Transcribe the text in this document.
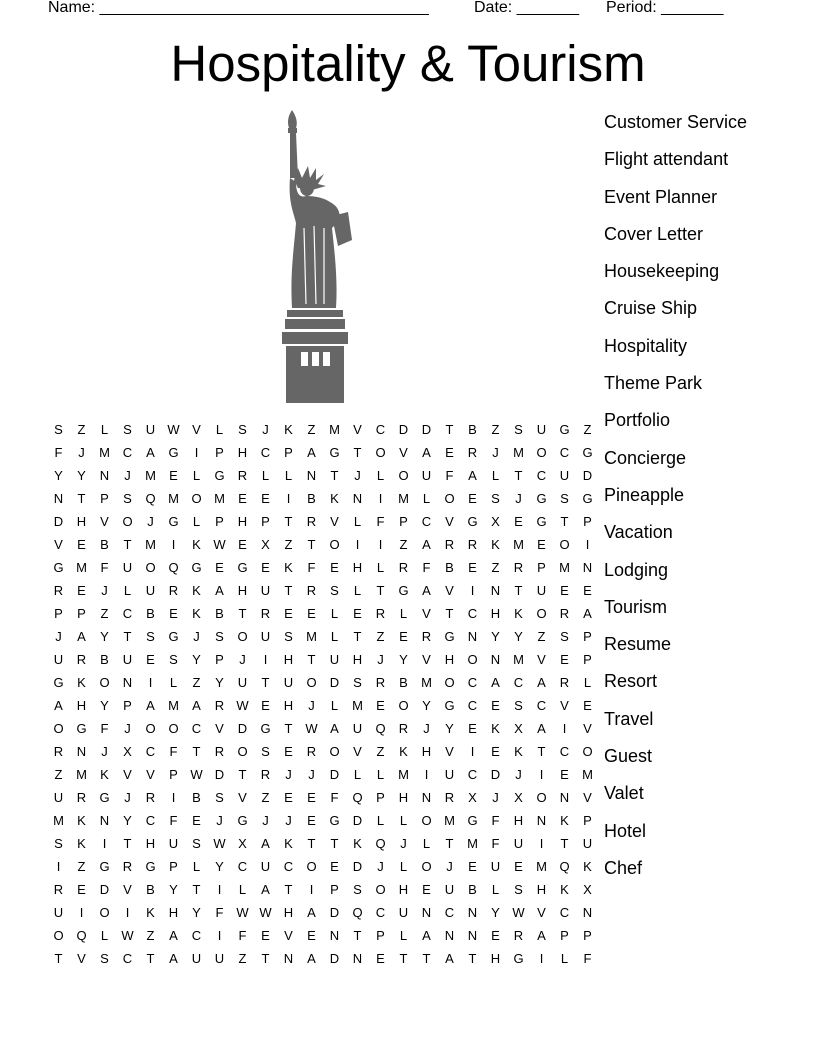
Name: _____________________________________	Date: _______ Period: _______
Hospitality & Tourism
Customer Service
Flight attendant
Event Planner
Cover Letter
Housekeeping
Cruise Ship
Hospitality
Theme Park
Portfolio
Concierge
Pineapple
Vacation
Lodging
Tourism
Resume
Resort
Travel
Guest
Valet
Hotel
Chef
S	Z	L	S	U W V	L	S	J	K	Z	M	V	C	D	D	T	B	Z	S	U	G	Z
F	J	M C	A	G	I	P	H	C	P	A	G	T	O	V	A	E	R	J	M O	C	G
Y	Y	N	J	M	E	L	G	R	L	L	N	T	J	L	O	U	F	A	L	T	C	U	D
N	T	P	S	Q M O M	E	E	I	B	K	N	I	M	L	O	E	S	J	G	S	G
D	H	V	O	J	G	L	P	H	P	T	R	V	L	F	P	C	V	G	X	E	G	T	P
V	E	B	T	M	I	K W E	X	Z	T	O	I	I	Z	A	R	R	K	M	E	O	I
G M	F	U	O Q G	E	G	E	K	F	E	H	L	R	F	B	E	Z	R	P	M N
R	E	J	L	U	R	K	A	H	U	T	R	S	L	T	G	A	V	I	N	T	U	E	E
P	P	Z	C	B	E	K	B	T	R	E	E	L	E	R	L	V	T	C	H	K	O	R	A
J	A	Y	T	S	G	J	S	O	U	S	M	L	T	Z	E	R	G	N	Y	Y	Z	S	P
U	R	B	U	E	S	Y	P	J	I	H	T	U	H	J	Y	V	H	O	N M	V	E	P
G	K	O	N	I	L	Z	Y	U	T	U	O	D	S	R	B	M O	C	A	C	A	R	L
A	H	Y	P	A	M	A	R W E	H	J	L	M	E	O	Y	G	C	E	S	C	V	E
O G	F	J	O O	C	V	D	G	T W A	U	Q	R	J	Y	E	K	X	A	I	V
R	N	J	X	C	F	T	R	O	S	E	R	O	V	Z	K	H	V	I	E	K	T	C	O
Z	M	K	V	V	P W D	T	R	J	J	D	L	L	M	I	U	C	D	J	I	E	M
U	R	G	J	R	I	B	S	V	Z	E	E	F	Q	P	H	N	R	X	J	X	O	N	V
M	K	N	Y	C	F	E	J	G	J	J	E	G	D	L	L	O M G	F	H	N	K	P
S	K	I	T	H	U	S W X	A	K	T	T	K	Q	J	L	T	M	F	U	I	T	U
I	Z	G	R	G	P	L	Y	C	U	C	O	E	D	J	L	O	J	E	U	E	M Q	K
R	E	D	V	B	Y	T	I	L	A	T	I	P	S	O	H	E	U	B	L	S	H	K	X
U	I	O	I	K	H	Y	F W W H	A	D	Q	C	U	N	C	N	Y W V	C	N
O Q	L	W Z	A	C	I	F	E	V	E	N	T	P	L	A	N	N	E	R	A	P	P
T	V	S	C	T	A	U	U	Z	T	N	A	D	N	E	T	T	A	T	H	G	I	L	F
